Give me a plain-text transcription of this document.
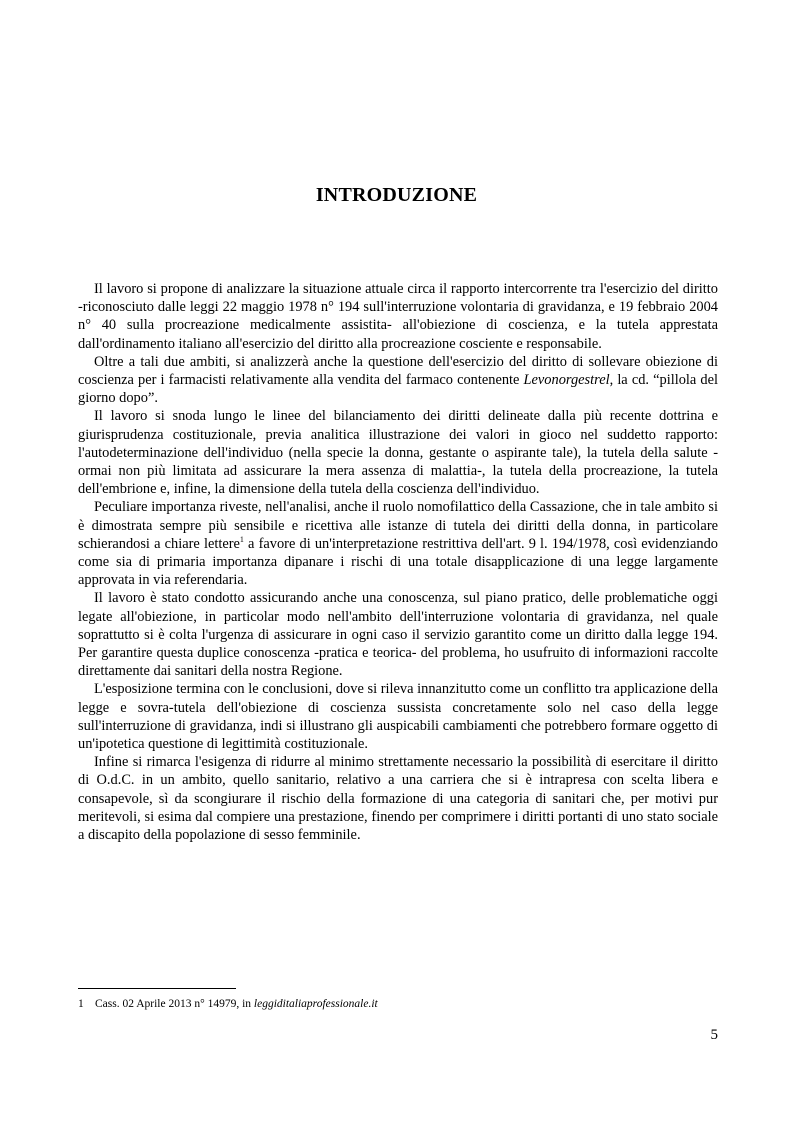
INTRODUZIONE

Il lavoro si propone di analizzare la situazione attuale circa il rapporto intercorrente tra l'esercizio del diritto -riconosciuto dalle leggi 22 maggio 1978 n° 194 sull'interruzione volontaria di gravidanza, e 19 febbraio 2004 n° 40 sulla procreazione medicalmente assistita- all'obiezione di coscienza, e la tutela apprestata dall'ordinamento italiano all'esercizio del diritto alla procreazione cosciente e responsabile.

Oltre a tali due ambiti, si analizzerà anche la questione dell'esercizio del diritto di sollevare obiezione di coscienza per i farmacisti relativamente alla vendita del farmaco contenente Levonorgestrel, la cd. “pillola del giorno dopo”.

Il lavoro si snoda lungo le linee del bilanciamento dei diritti delineate dalla più recente dottrina e giurisprudenza costituzionale, previa analitica illustrazione dei valori in gioco nel suddetto rapporto: l'autodeterminazione dell'individuo (nella specie la donna, gestante o aspirante tale), la tutela della salute -ormai non più limitata ad assicurare la mera assenza di malattia-, la tutela della procreazione, la tutela dell'embrione e, infine, la dimensione della tutela della coscienza dell'individuo.

Peculiare importanza riveste, nell'analisi, anche il ruolo nomofilattico della Cassazione, che in tale ambito si è dimostrata sempre più sensibile e ricettiva alle istanze di tutela dei diritti della donna, in particolare schierandosi a chiare lettere$^1$ a favore di un'interpretazione restrittiva dell'art. 9 l. 194/1978, così evidenziando come sia di primaria importanza dipanare i rischi di una totale disapplicazione di una legge largamente approvata in via referendaria.

Il lavoro è stato condotto assicurando anche una conoscenza, sul piano pratico, delle problematiche oggi legate all'obiezione, in particolar modo nell'ambito dell'interruzione volontaria di gravidanza, nel quale soprattutto si è colta l'urgenza di assicurare in ogni caso il servizio garantito come un diritto dalla legge 194. Per garantire questa duplice conoscenza -pratica e teorica- del problema, ho usufruito di informazioni raccolte direttamente dai sanitari della nostra Regione.

L'esposizione termina con le conclusioni, dove si rileva innanzitutto come un conflitto tra applicazione della legge e sovra-tutela dell'obiezione di coscienza sussista concretamente solo nel caso della legge sull'interruzione di gravidanza, indi si illustrano gli auspicabili cambiamenti che potrebbero formare oggetto di un'ipotetica questione di legittimità costituzionale.

Infine si rimarca l'esigenza di ridurre al minimo strettamente necessario la possibilità di esercitare il diritto di O.d.C. in un ambito, quello sanitario, relativo a una carriera che si è intrapresa con scelta libera e consapevole, sì da scongiurare il rischio della formazione di una categoria di sanitari che, per motivi pur meritevoli, si esima dal compiere una prestazione, finendo per comprimere i diritti portanti di uno stato sociale a discapito della popolazione di sesso femminile.

1 Cass. 02 Aprile 2013 n° 14979, in leggiditaliaprofessionale.it
5
